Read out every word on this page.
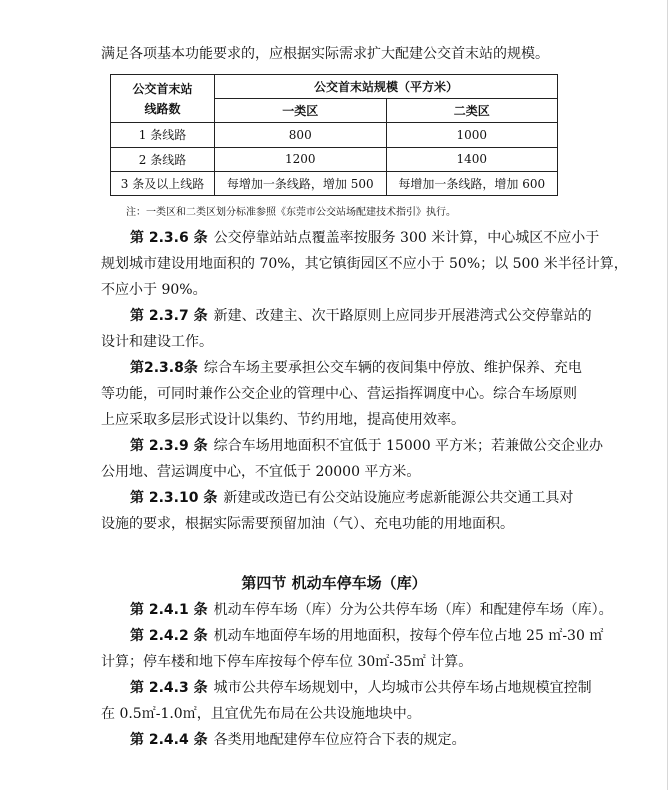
满足各项基本功能要求的，应根据实际需求扩大配建公交首末站的规模。
公交首末站
线路数	公交首末站规模（平方米）	
	一类区	二类区
1 条线路	800	1000
2 条线路	1200	1400
3 条及以上线路	每增加一条线路，增加 500	每增加一条线路，增加 600
注：一类区和二类区划分标准参照《东莞市公交站场配建技术指引》执行。
第 2.3.6 条 公交停靠站站点覆盖率按服务 300 米计算，中心城区不应小于
规划城市建设用地面积的 70%，其它镇街园区不应小于 50%；以 500 米半径计算，
不应小于 90%。
第 2.3.7 条 新建、改建主、次干路原则上应同步开展港湾式公交停靠站的
设计和建设工作。
第2.3.8条 综合车场主要承担公交车辆的夜间集中停放、维护保养、充电
等功能，可同时兼作公交企业的管理中心、营运指挥调度中心。综合车场原则
上应采取多层形式设计以集约、节约用地，提高使用效率。
第 2.3.9 条 综合车场用地面积不宜低于 15000 平方米；若兼做公交企业办
公用地、营运调度中心，不宜低于 20000 平方米。
第 2.3.10 条 新建或改造已有公交站设施应考虑新能源公共交通工具对
设施的要求，根据实际需要预留加油（气）、充电功能的用地面积。
第四节 机动车停车场（库）
第 2.4.1 条 机动车停车场（库）分为公共停车场（库）和配建停车场（库）。
第 2.4.2 条 机动车地面停车场的用地面积，按每个停车位占地 25 ㎡-30 ㎡
计算；停车楼和地下停车库按每个停车位 30㎡-35㎡ 计算。
第 2.4.3 条 城市公共停车场规划中，人均城市公共停车场占地规模宜控制
在 0.5㎡-1.0㎡，且宜优先布局在公共设施地块中。
第 2.4.4 条 各类用地配建停车位应符合下表的规定。
